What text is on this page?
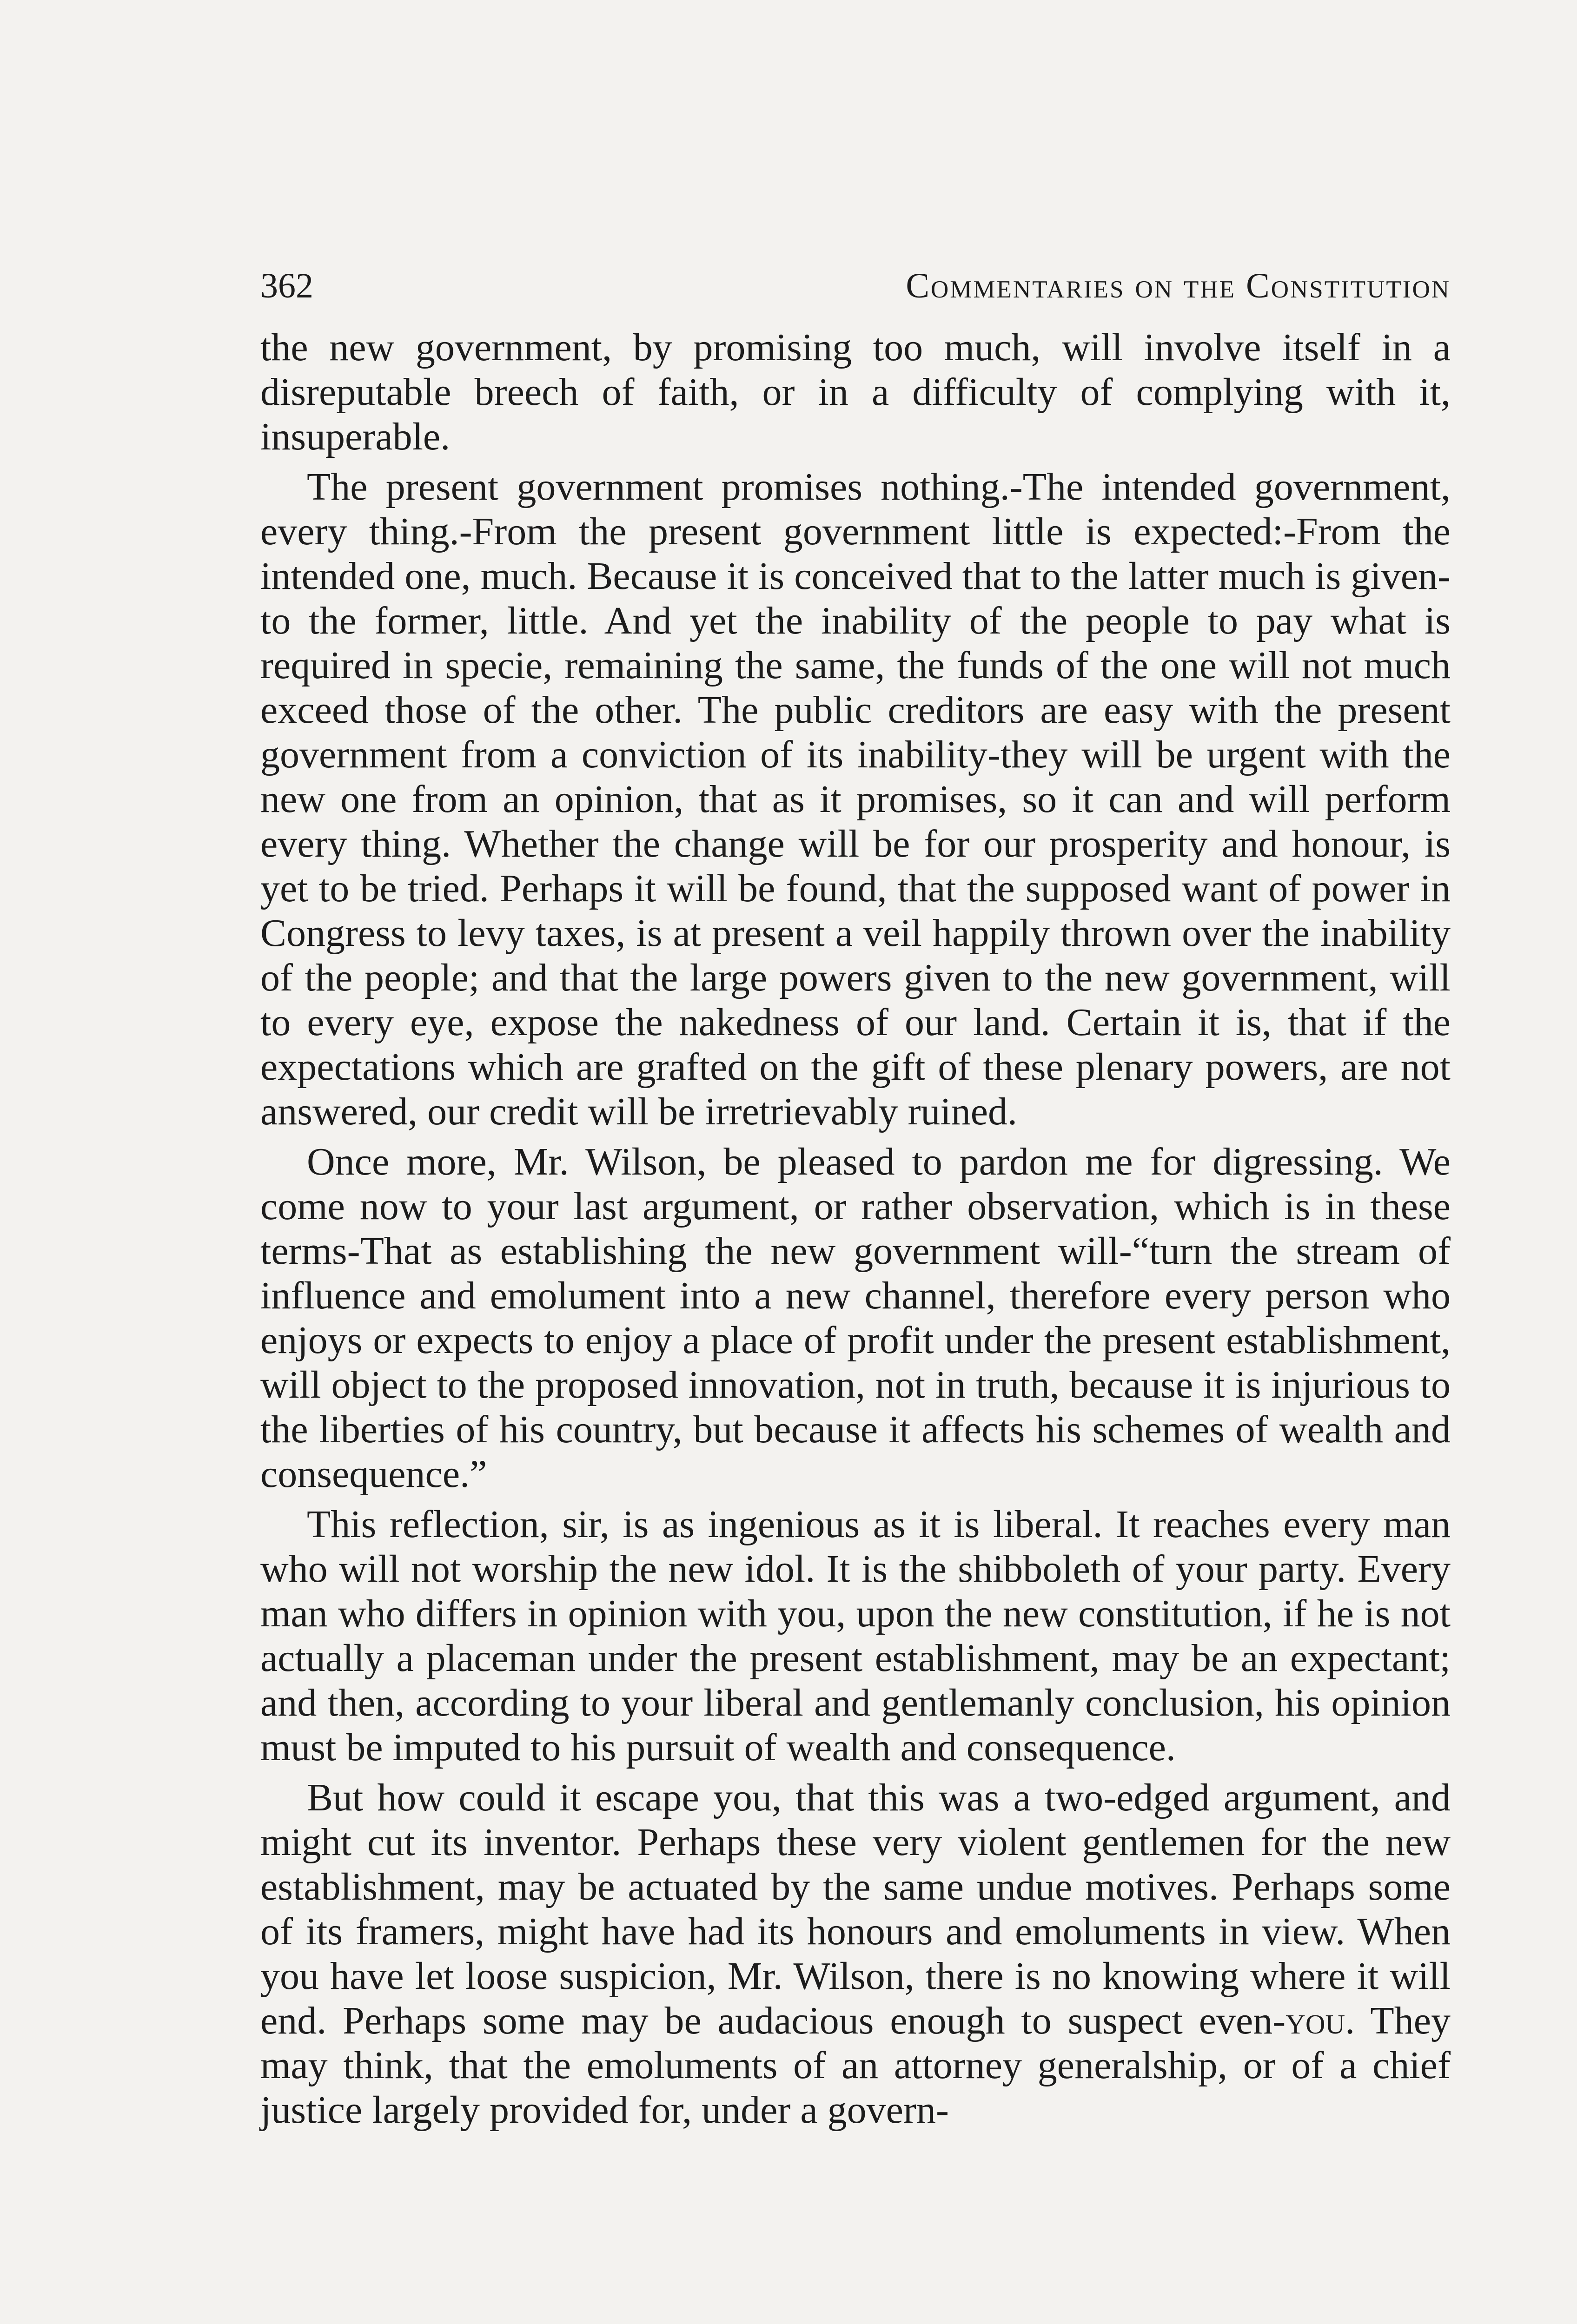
362	Commentaries on the Constitution

the new government, by promising too much, will involve itself in a disreputable breech of faith, or in a difficulty of complying with it, insuperable.

The present government promises nothing.-The intended government, every thing.-From the present government little is expected:-From the intended one, much. Because it is conceived that to the latter much is given-to the former, little. And yet the inability of the people to pay what is required in specie, remaining the same, the funds of the one will not much exceed those of the other. The public creditors are easy with the present government from a conviction of its inability-they will be urgent with the new one from an opinion, that as it promises, so it can and will perform every thing. Whether the change will be for our prosperity and honour, is yet to be tried. Perhaps it will be found, that the supposed want of power in Congress to levy taxes, is at present a veil happily thrown over the inability of the people; and that the large powers given to the new government, will to every eye, expose the nakedness of our land. Certain it is, that if the expectations which are grafted on the gift of these plenary powers, are not answered, our credit will be irretrievably ruined.

Once more, Mr. Wilson, be pleased to pardon me for digressing. We come now to your last argument, or rather observation, which is in these terms-That as establishing the new government will-“turn the stream of influence and emolument into a new channel, therefore every person who enjoys or expects to enjoy a place of profit under the present establishment, will object to the proposed innovation, not in truth, because it is injurious to the liberties of his country, but because it affects his schemes of wealth and consequence.”

This reflection, sir, is as ingenious as it is liberal. It reaches every man who will not worship the new idol. It is the shibboleth of your party. Every man who differs in opinion with you, upon the new constitution, if he is not actually a placeman under the present establishment, may be an expectant; and then, according to your liberal and gentlemanly conclusion, his opinion must be imputed to his pursuit of wealth and consequence.

But how could it escape you, that this was a two-edged argument, and might cut its inventor. Perhaps these very violent gentlemen for the new establishment, may be actuated by the same undue motives. Perhaps some of its framers, might have had its honours and emoluments in view. When you have let loose suspicion, Mr. Wilson, there is no knowing where it will end. Perhaps some may be audacious enough to suspect even-you. They may think, that the emoluments of an attorney generalship, or of a chief justice largely provided for, under a govern-
